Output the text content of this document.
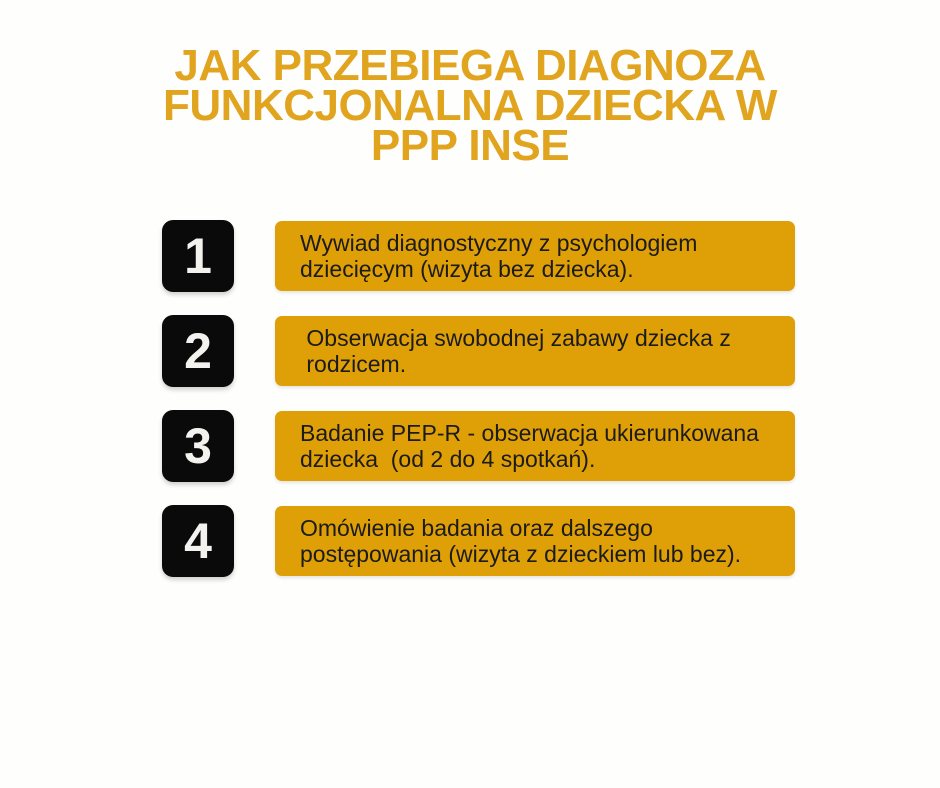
JAK PRZEBIEGA DIAGNOZA
FUNKCJONALNA DZIECKA W
PPP INSE
1	Wywiad diagnostyczny z psychologiem
dziecięcym (wizyta bez dziecka).
2	Obserwacja swobodnej zabawy dziecka z
rodzicem.
3	Badanie PEP-R - obserwacja ukierunkowana
dziecka  (od 2 do 4 spotkań).
4	Omówienie badania oraz dalszego
postępowania (wizyta z dzieckiem lub bez).
